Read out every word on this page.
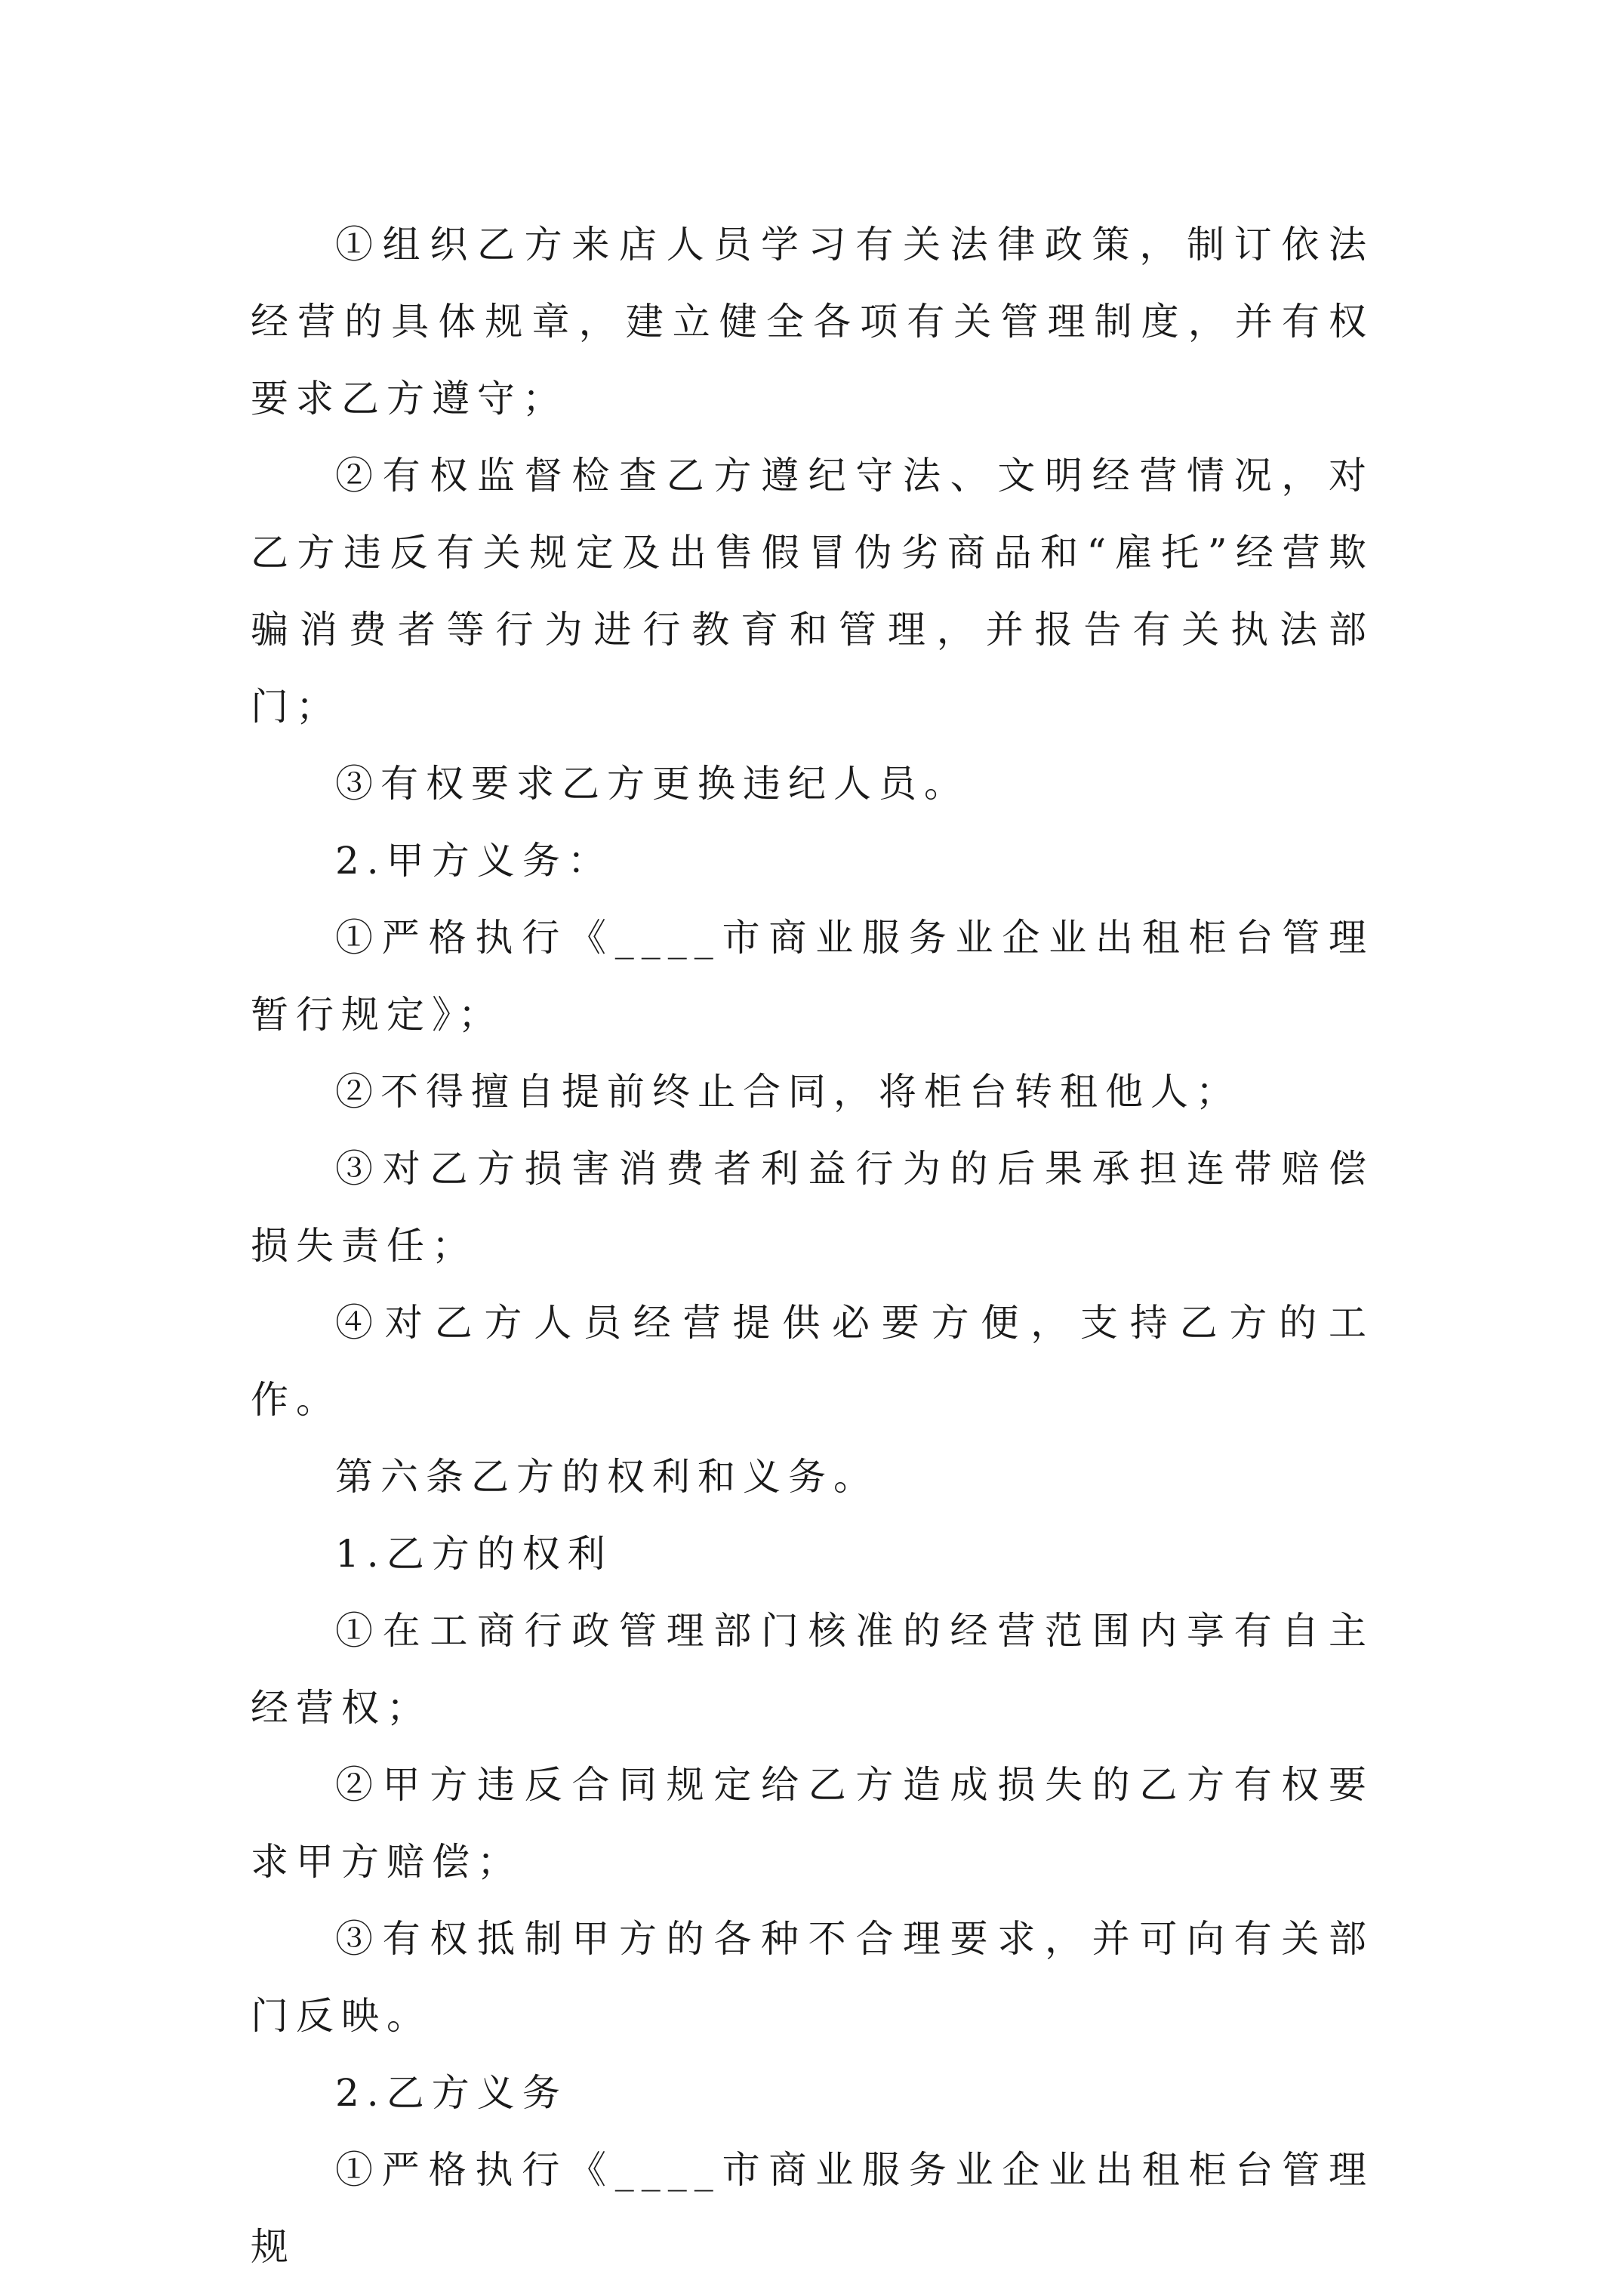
①组织乙方来店人员学习有关法律政策，制订依法经营的具体规章，建立健全各项有关管理制度，并有权要求乙方遵守；

②有权监督检查乙方遵纪守法、文明经营情况，对乙方违反有关规定及出售假冒伪劣商品和“雇托”经营欺骗消费者等行为进行教育和管理，并报告有关执法部门；

③有权要求乙方更换违纪人员。

2.甲方义务：

①严格执行《____市商业服务业企业出租柜台管理暂行规定》；

②不得擅自提前终止合同，将柜台转租他人；

③对乙方损害消费者利益行为的后果承担连带赔偿损失责任；

④对乙方人员经营提供必要方便，支持乙方的工作。

第六条乙方的权利和义务。

1.乙方的权利

①在工商行政管理部门核准的经营范围内享有自主经营权；

②甲方违反合同规定给乙方造成损失的乙方有权要求甲方赔偿；

③有权抵制甲方的各种不合理要求，并可向有关部门反映。

2.乙方义务

①严格执行《____市商业服务业企业出租柜台管理规
